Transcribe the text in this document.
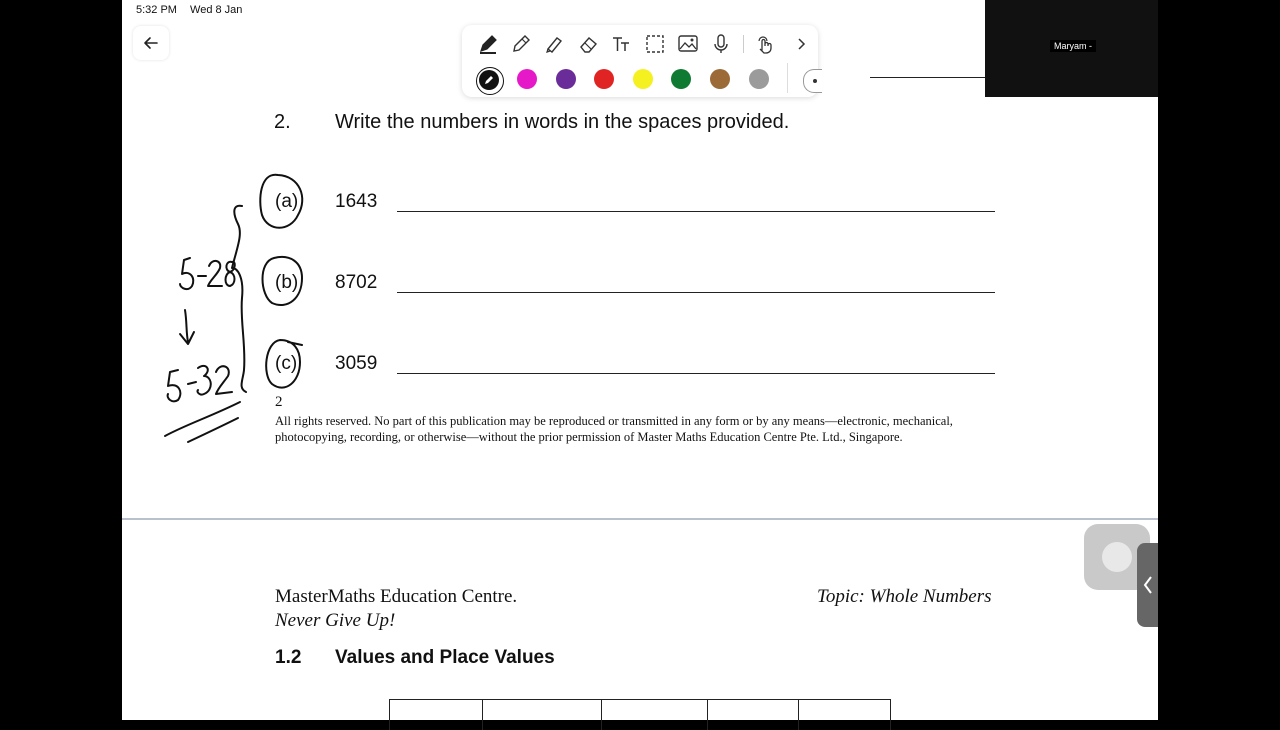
5:32 PM Wed 8 Jan
Maryam -
2. Write the numbers in words in the spaces provided.
(a) 1643
(b) 8702
(c) 3059
2
All rights reserved. No part of this publication may be reproduced or transmitted in any form or by any means—electronic, mechanical, photocopying, recording, or otherwise—without the prior permission of Master Maths Education Centre Pte. Ltd., Singapore.
MasterMaths Education Centre.
Never Give Up!
Topic: Whole Numbers
1.2 Values and Place Values
